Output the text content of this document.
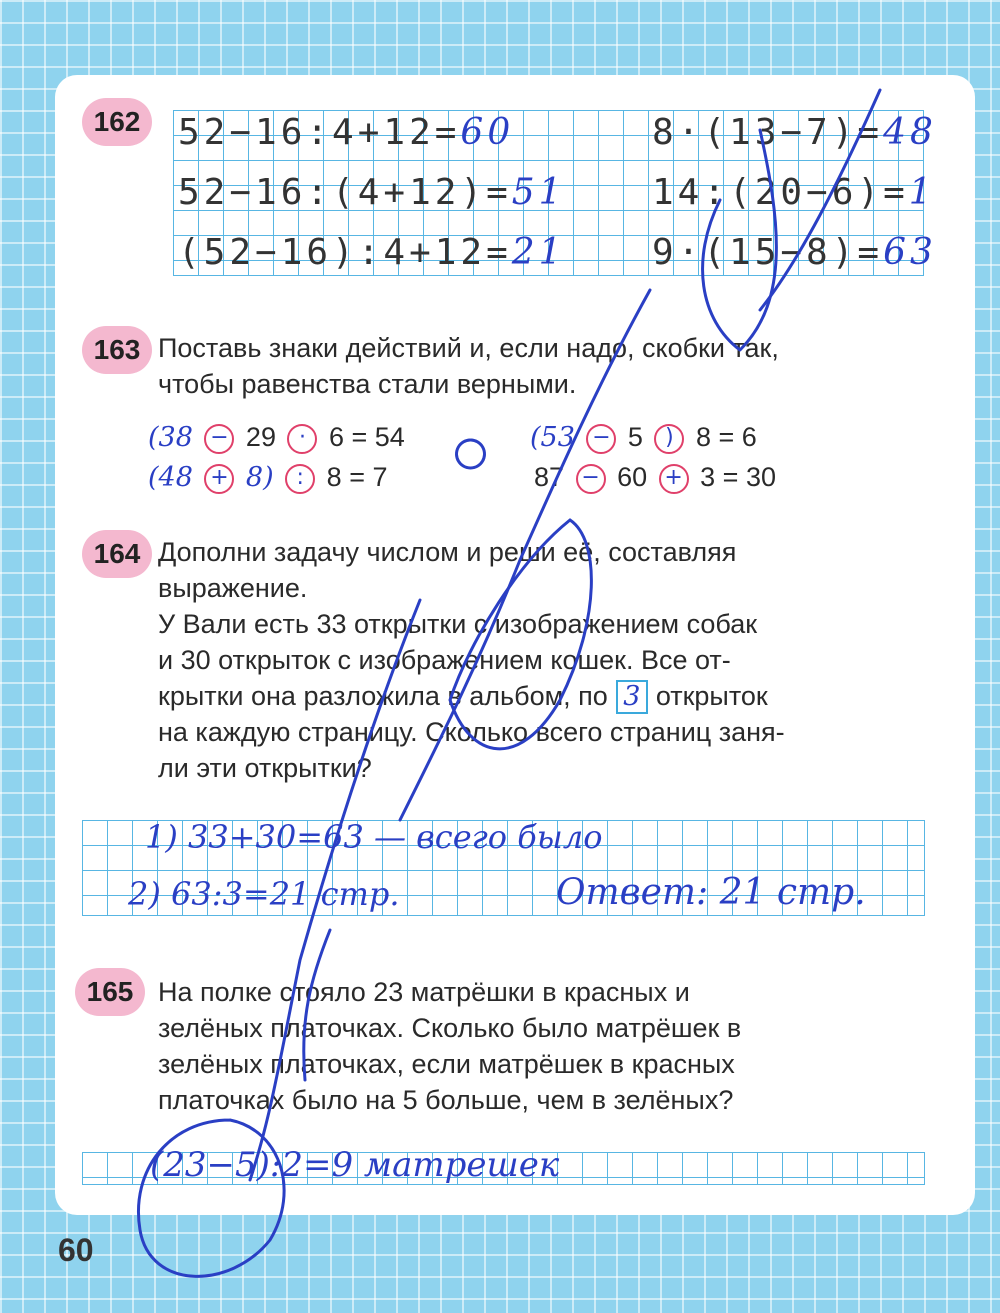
162	52−16:4+12=60
52−16:(4+12)=51
(52−16):4+12=21
8·(13−7)=48
14:(20−6)=1
9·(15−8)=63
163 Поставь знаки действий и, если надо, скобки так,

чтобы равенства стали верными.

(38 − 29 · 6 = 54
(48 + 8) : 8 = 7
(53 − 5 ) 8 = 6
87 − 60 + 3 = 30
164 Дополни задачу числом и реши её, составляя

выражение.

У Вали есть 33 открытки с изображением собак

и 30 открыток с изображением кошек. Все от-

крытки она разложила в альбом, по 3 открыток

на каждую страницу. Сколько всего страниц заня-

ли эти открытки?

1) 33+30=63 — всего было
2) 63:3=21 стр.	Ответ: 21 стр.
165 На полке стояло 23 матрёшки в красных и

зелёных платочках. Сколько было матрёшек в

зелёных платочках, если матрёшек в красных

платочках было на 5 больше, чем в зелёных?

(23−5):2=9 матрешек
60
